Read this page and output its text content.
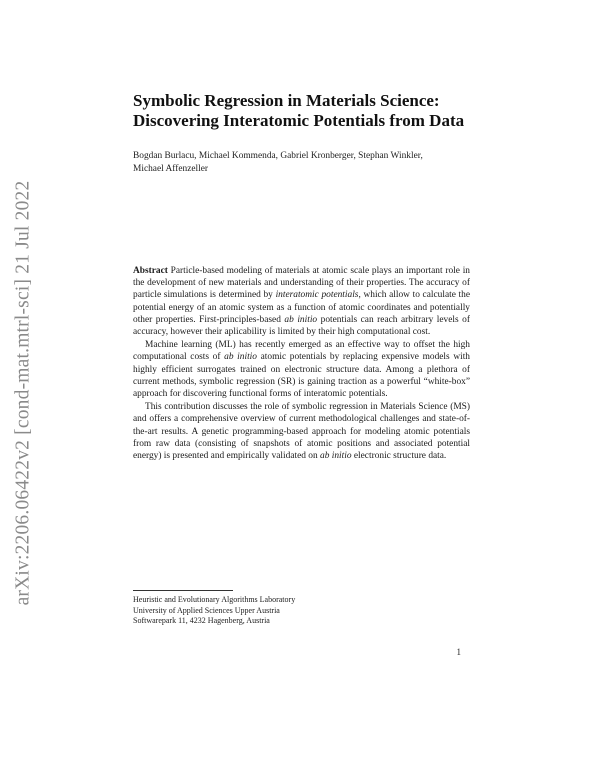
arXiv:2206.06422v2 [cond-mat.mtrl-sci] 21 Jul 2022
Symbolic Regression in Materials Science:
Discovering Interatomic Potentials from Data
Bogdan Burlacu, Michael Kommenda, Gabriel Kronberger, Stephan Winkler,
Michael Affenzeller

Abstract Particle-based modeling of materials at atomic scale plays an important role in the development of new materials and understanding of their properties. The accuracy of particle simulations is determined by interatomic potentials, which allow to calculate the potential energy of an atomic system as a function of atomic coordinates and potentially other properties. First-principles-based ab initio potentials can reach arbitrary levels of accuracy, however their aplicability is limited by their high computational cost.

Machine learning (ML) has recently emerged as an effective way to offset the high computational costs of ab initio atomic potentials by replacing expensive models with highly efficient surrogates trained on electronic structure data. Among a plethora of current methods, symbolic regression (SR) is gaining traction as a powerful “white-box” approach for discovering functional forms of interatomic potentials.

This contribution discusses the role of symbolic regression in Materials Science (MS) and offers a comprehensive overview of current methodological challenges and state-of-the-art results. A genetic programming-based approach for modeling atomic potentials from raw data (consisting of snapshots of atomic positions and associated potential energy) is presented and empirically validated on ab initio electronic structure data.

Heuristic and Evolutionary Algorithms Laboratory
University of Applied Sciences Upper Austria
Softwarepark 11, 4232 Hagenberg, Austria
1
